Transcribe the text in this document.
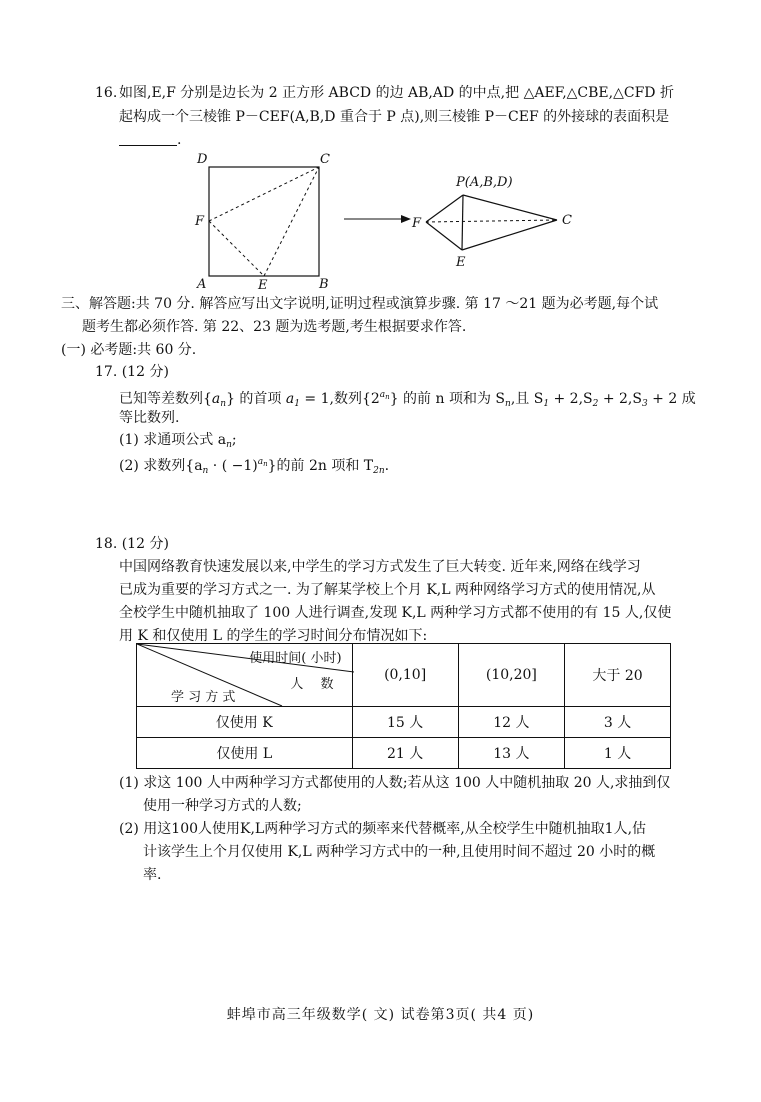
16. 如图,E,F 分别是边长为 2 正方形 ABCD 的边 AB,AD 的中点,把 △AEF,△CBE,△CFD 折
起构成一个三棱锥 P－CEF(A,B,D 重合于 P 点),则三棱锥 P－CEF 的外接球的表面积是
.
D	C
F
A	E	B
P(A,B,D)
F	C
E
三、解答题:共 70 分. 解答应写出文字说明,证明过程或演算步骤. 第 17 ～21 题为必考题,每个试
题考生都必须作答. 第 22、23 题为选考题,考生根据要求作答.
(一) 必考题:共 60 分.
17. (12 分)
已知等差数列$\{a_n\}$ 的首项 $a_1 = 1$,数列$\{2^{an}\}$ 的前 n 项和为 $S_n$,且 $S_1 + 2,S_2 + 2,S_3 + 2$ 成
等比数列.
(1) 求通项公式 $a_n$;
(2) 求数列{$a_n$ · ( −1)$^{an}$}的前 2n 项和 $T_{2n}$.
18. (12 分)
中国网络教育快速发展以来,中学生的学习方式发生了巨大转变. 近年来,网络在线学习
已成为重要的学习方式之一. 为了解某学校上个月 K,L 两种网络学习方式的使用情况,从
全校学生中随机抽取了 100 人进行调查,发现 K,L 两种学习方式都不使用的有 15 人,仅使
用 K 和仅使用 L 的学生的学习时间分布情况如下:
使用时间( 小时)
人　 数
学 习 方 式	(0,10]	(10,20]	大于 20
仅使用 K	15 人	12 人	3 人
仅使用 L	21 人	13 人	1 人
(1) 求这 100 人中两种学习方式都使用的人数;若从这 100 人中随机抽取 20 人,求抽到仅
使用一种学习方式的人数;
(2) 用这100人使用K,L两种学习方式的频率来代替概率,从全校学生中随机抽取1人,估
计该学生上个月仅使用 K,L 两种学习方式中的一种,且使用时间不超过 20 小时的概
率.
蚌埠市高三年级数学( 文) 试卷第3页( 共4 页)
